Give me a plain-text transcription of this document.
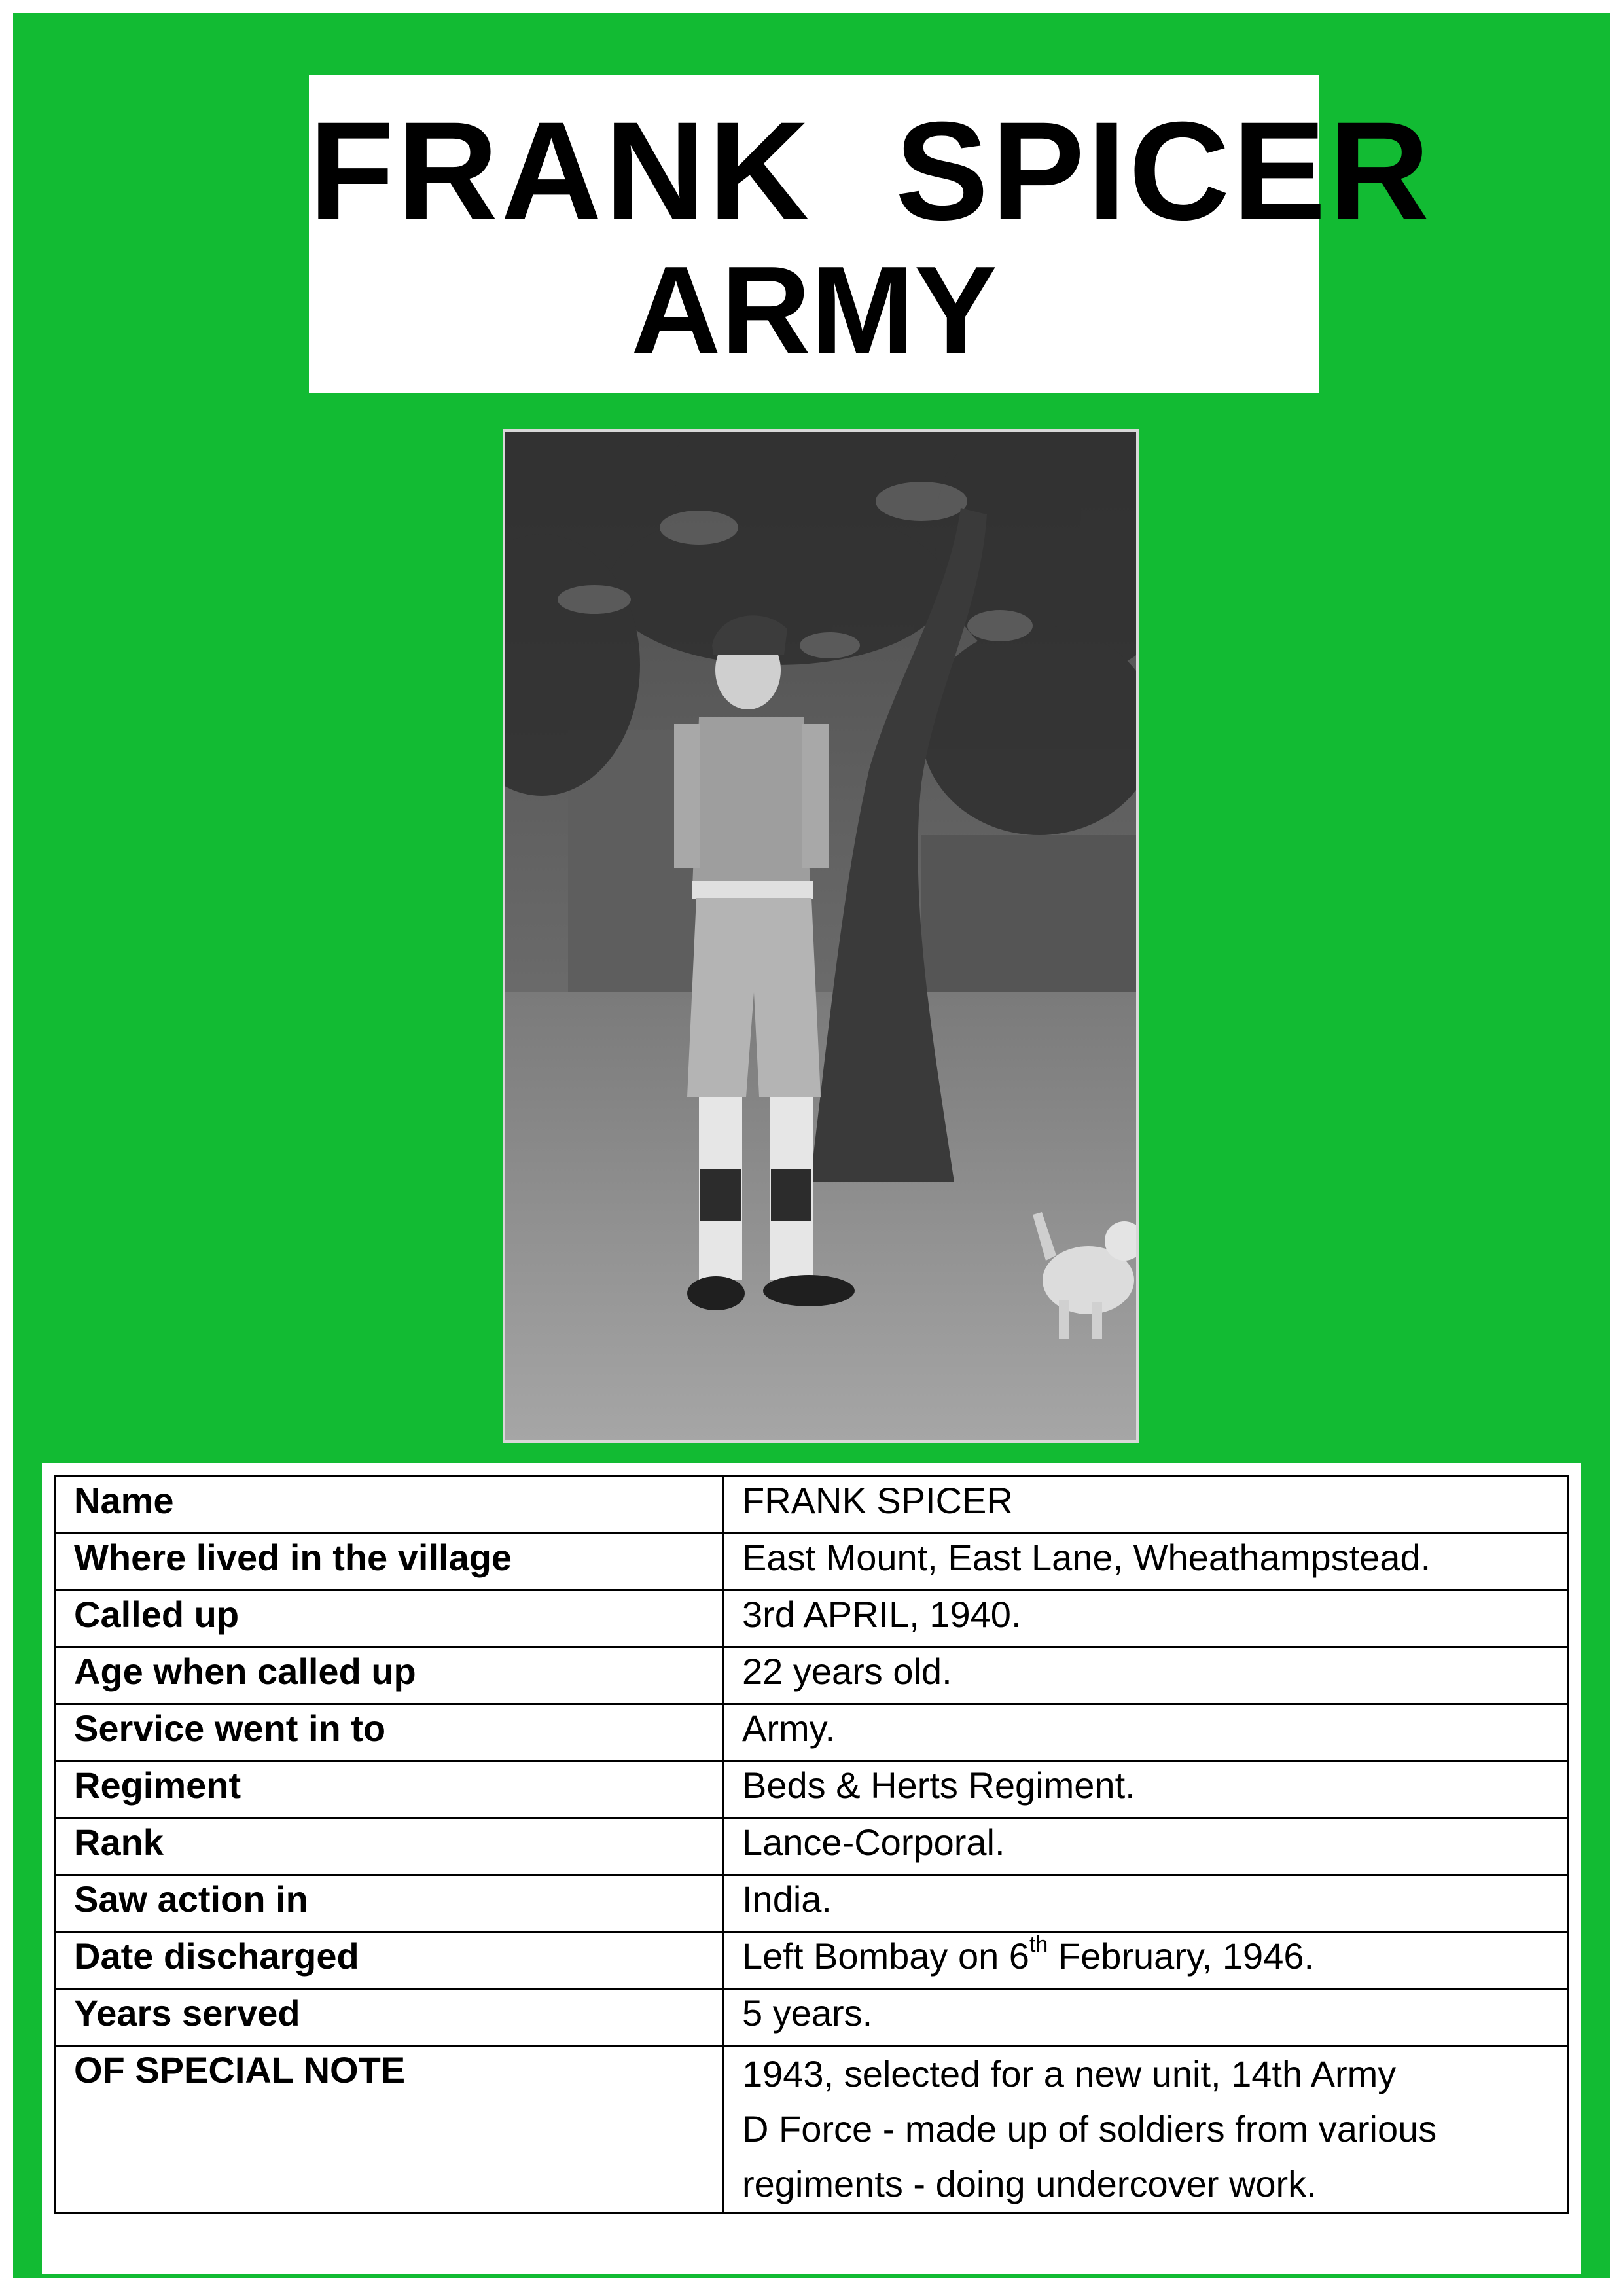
FRANK  SPICER
ARMY
Name	FRANK SPICER
Where lived in the village	East Mount, East Lane, Wheathampstead.
Called up	3rd APRIL, 1940.
Age when called up	22 years old.
Service went in to	Army.
Regiment	Beds & Herts Regiment.
Rank	Lance-Corporal.
Saw action in	India.
Date discharged	Left Bombay on 6th February, 1946.
Years served	5 years.
OF SPECIAL NOTE	1943, selected for a new unit, 14th Army
D Force - made up of soldiers from various
regiments - doing undercover work.
